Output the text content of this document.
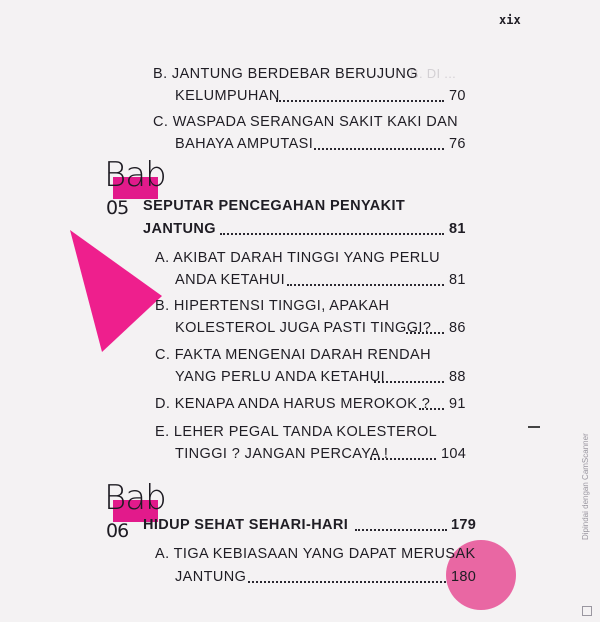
B. DI ...
xix
B. JANTUNG BERDEBAR BERUJUNG
KELUMPUHAN	70
C. WASPADA SERANGAN SAKIT KAKI DAN
BAHAYA AMPUTASI	76
Bab
05 SEPUTAR PENCEGAHAN PENYAKIT
JANTUNG	81
A. AKIBAT DARAH TINGGI YANG PERLU
ANDA KETAHUI	81
B. HIPERTENSI TINGGI, APAKAH
KOLESTEROL JUGA PASTI TINGGI? 86
C. FAKTA MENGENAI DARAH RENDAH
YANG PERLU ANDA KETAHUI	88
D. KENAPA ANDA HARUS MEROKOK ? 91
E. LEHER PEGAL TANDA KOLESTEROL
TINGGI ? JANGAN PERCAYA !	104
Bab
06 HIDUP SEHAT SEHARI-HARI	179
A. TIGA KEBIASAAN YANG DAPAT MERUSAK
JANTUNG	180
Dipindai dengan CamScanner
